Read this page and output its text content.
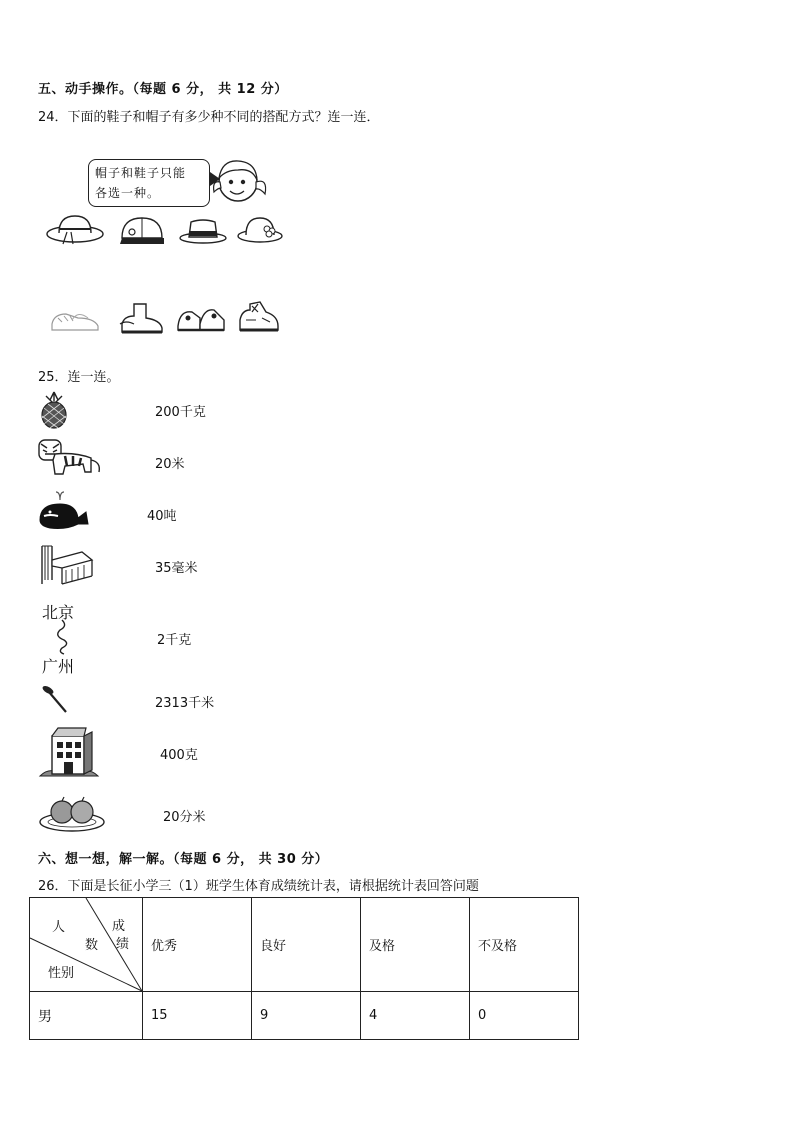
五、动手操作。（每题 6 分， 共 12 分）
24．下面的鞋子和帽子有多少种不同的搭配方式？连一连．
帽子和鞋子只能
各选一种。
25．连一连。
200千克
20米
40吨
35毫米
北京
广州
2千克
2313千米
400克
20分米
六、想一想，解一解。（每题 6 分， 共 30 分）
26．下面是长征小学三（1）班学生体育成绩统计表，请根据统计表回答问题
人
数
成
绩
性别	优秀	良好	及格	不及格
男	15	9	4	0
